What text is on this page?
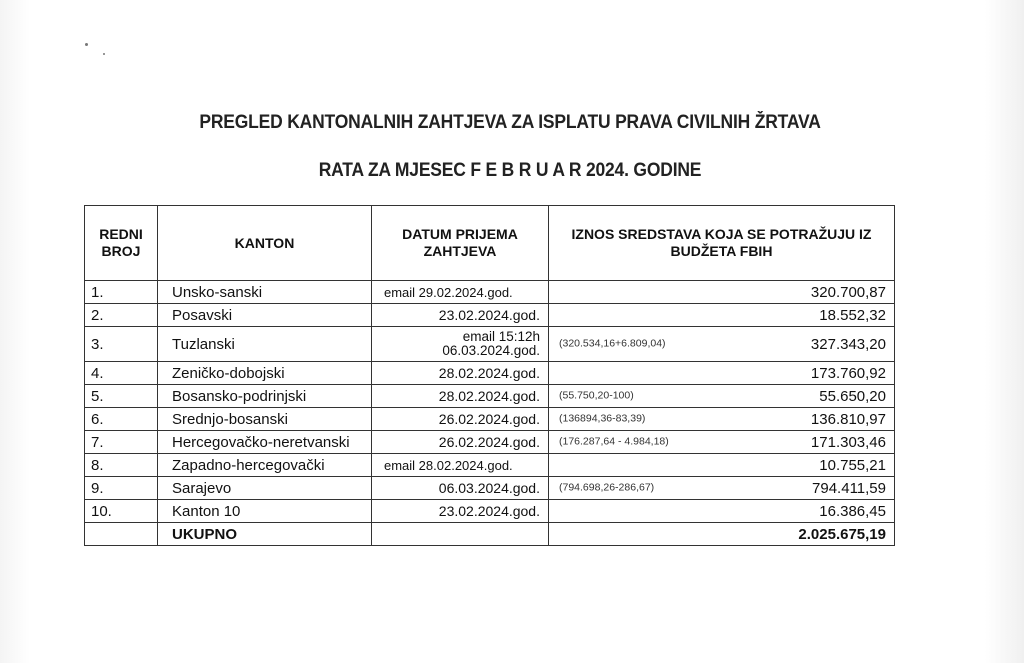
PREGLED KANTONALNIH ZAHTJEVA ZA ISPLATU PRAVA CIVILNIH ŽRTAVA
RATA ZA MJESEC F E B R U A R 2024. GODINE
REDNI BROJ	KANTON	DATUM PRIJEMA ZAHTJEVA	IZNOS SREDSTAVA KOJA SE POTRAŽUJU IZ BUDŽETA FBIH
1.	Unsko-sanski	email 29.02.2024.god.	320.700,87
2.	Posavski	23.02.2024.god.	18.552,32
3.	Tuzlanski	email 15:12h 06.03.2024.god.	(320.534,16+6.809,04) 327.343,20
4.	Zeničko-dobojski	28.02.2024.god.	173.760,92
5.	Bosansko-podrinjski	28.02.2024.god.	(55.750,20-100) 55.650,20
6.	Srednjo-bosanski	26.02.2024.god.	(136894,36-83,39) 136.810,97
7.	Hercegovačko-neretvanski	26.02.2024.god.	(176.287,64 - 4.984,18) 171.303,46
8.	Zapadno-hercegovački	email 28.02.2024.god.	10.755,21
9.	Sarajevo	06.03.2024.god.	(794.698,26-286,67) 794.411,59
10.	Kanton 10	23.02.2024.god.	16.386,45
	UKUPNO		2.025.675,19
